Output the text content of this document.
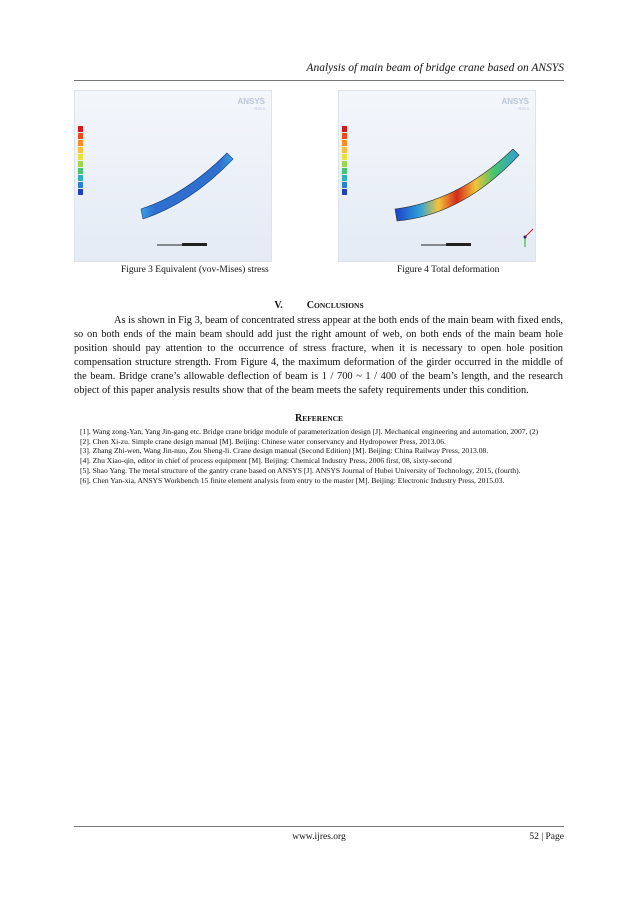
Analysis of main beam of bridge crane based on ANSYS
ANSYS
R15.0
ANSYS
R15.0
Figure 3 Equivalent (vov-Mises) stress	Figure 4 Total deformation
V. CONCLUSIONS

As is shown in Fig 3, beam of concentrated stress appear at the both ends of the main beam with fixed ends, so on both ends of the main beam should add just the right amount of web, on both ends of the main beam hole position should pay attention to the occurrence of stress fracture, when it is necessary to open hole position compensation structure strength. From Figure 4, the maximum deformation of the girder occurred in the middle of the beam. Bridge crane’s allowable deflection of beam is 1 / 700 ~ 1 / 400 of the beam’s length, and the research object of this paper analysis results show that of the beam meets the safety requirements under this condition.

REFERENCE
[1]. Wang zong-Yan, Yang Jin-gang etc. Bridge crane bridge module of parameterization design [J]. Mechanical engineering and automation, 2007, (2)
[2]. Chen Xi-zu. Simple crane design manual [M]. Beijing: Chinese water conservancy and Hydropower Press, 2013.06.
[3]. Zhang Zhi-wen, Wang Jin-nuo, Zou Sheng-li. Crane design manual (Second Edition) [M]. Beijing: China Railway Press, 2013.08.
[4]. Zhu Xiao-qin, editor in chief of process equipment [M]. Beijing: Chemical Industry Press, 2006 first, 08, sixty-second
[5]. Shao Yang. The metal structure of the gantry crane based on ANSYS [J]. ANSYS Journal of Hubei University of Technology, 2015, (fourth).
[6]. Chen Yan-xia, ANSYS Workbench 15 finite element analysis from entry to the master [M]. Beijing: Electronic Industry Press, 2015.03.
www.ijres.org	52 | Page
